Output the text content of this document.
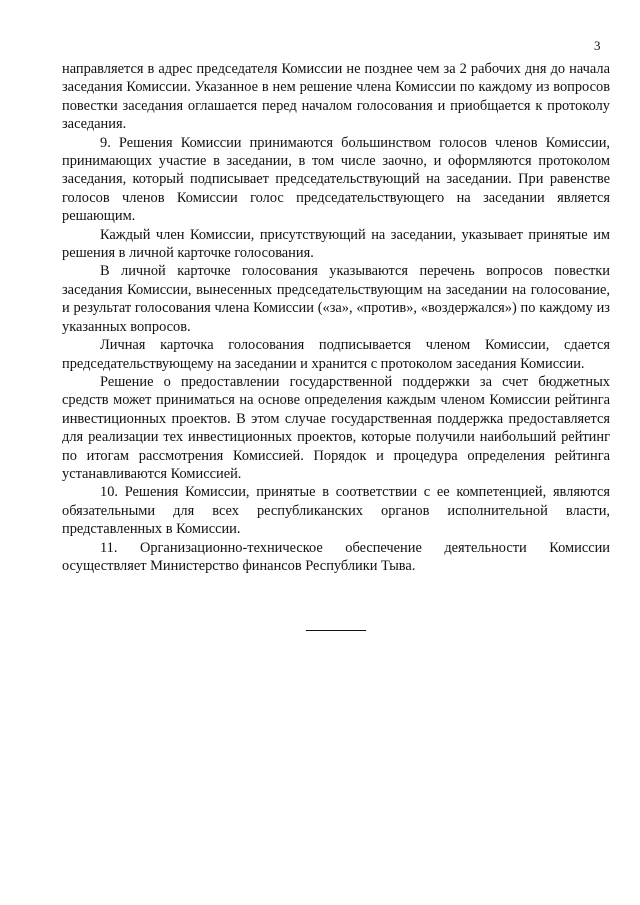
3

направляется в адрес председателя Комиссии не позднее чем за 2 рабочих дня до начала заседания Комиссии. Указанное в нем решение члена Комиссии по каждому из вопросов повестки заседания оглашается перед началом голосования и приобщается к протоколу заседания.

9. Решения Комиссии принимаются большинством голосов членов Комиссии, принимающих участие в заседании, в том числе заочно, и оформляются протоколом заседания, который подписывает председательствующий на заседании. При равенстве голосов членов Комиссии голос председательствующего на заседании является решающим.

Каждый член Комиссии, присутствующий на заседании, указывает принятые им решения в личной карточке голосования.

В личной карточке голосования указываются перечень вопросов повестки заседания Комиссии, вынесенных председательствующим на заседании на голосование, и результат голосования члена Комиссии («за», «против», «воздержался») по каждому из указанных вопросов.

Личная карточка голосования подписывается членом Комиссии, сдается председательствующему на заседании и хранится с протоколом заседания Комиссии.

Решение о предоставлении государственной поддержки за счет бюджетных средств может приниматься на основе определения каждым членом Комиссии рейтинга инвестиционных проектов. В этом случае государственная поддержка предоставляется для реализации тех инвестиционных проектов, которые получили наибольший рейтинг по итогам рассмотрения Комиссией. Порядок и процедура определения рейтинга устанавливаются Комиссией.

10. Решения Комиссии, принятые в соответствии с ее компетенцией, являются обязательными для всех республиканских органов исполнительной власти, представленных в Комиссии.

11. Организационно-техническое обеспечение деятельности Комиссии осуществляет Министерство финансов Республики Тыва.
